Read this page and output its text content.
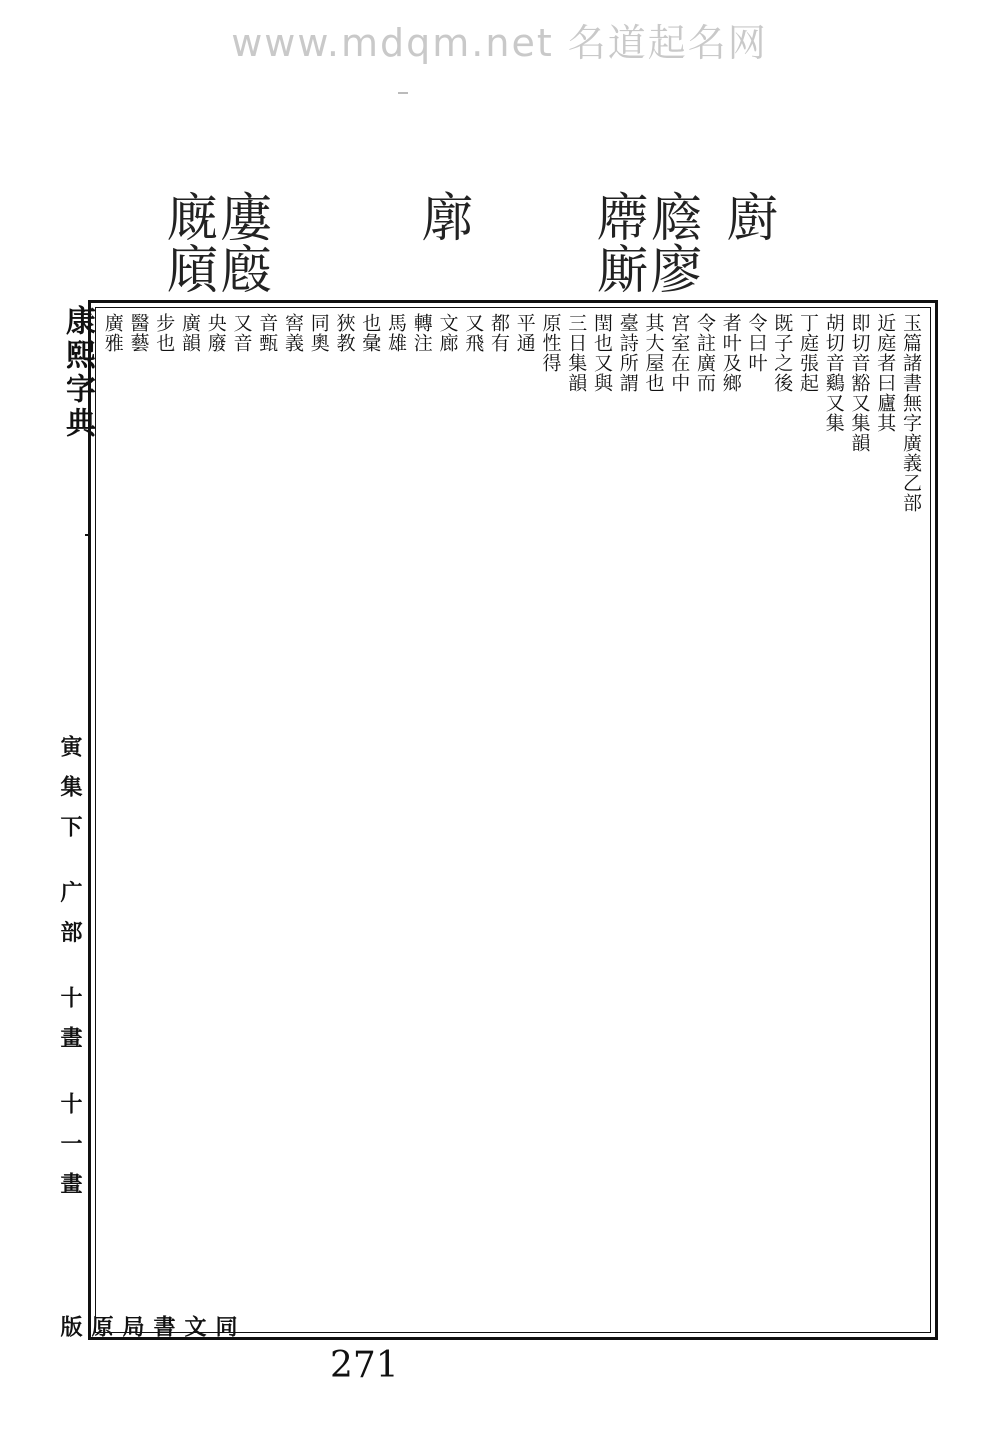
www.mdqm.net 名道起名网
廔廏廐廎	廓	廕廖廗廝	廚
康熙字典
寅集下 广部 十畫 十一畫
同文書局原版
玉篇諸書無字廣義乙部
近庭者曰廬其
即切音豁又集韻
胡切音鷄又集
丁庭張起
既子之後
令曰叶
者叶及鄉
令註廣而
宮室在中
其大屋也
臺詩所謂
閏也又與
三日集韻
原性得
平通
都有
又飛
文廊
轉注
馬雄
也彙
狹教
同奧
窖義
音甄
又音
央廢
廣韻
步也
醫藝
廣雅
271
